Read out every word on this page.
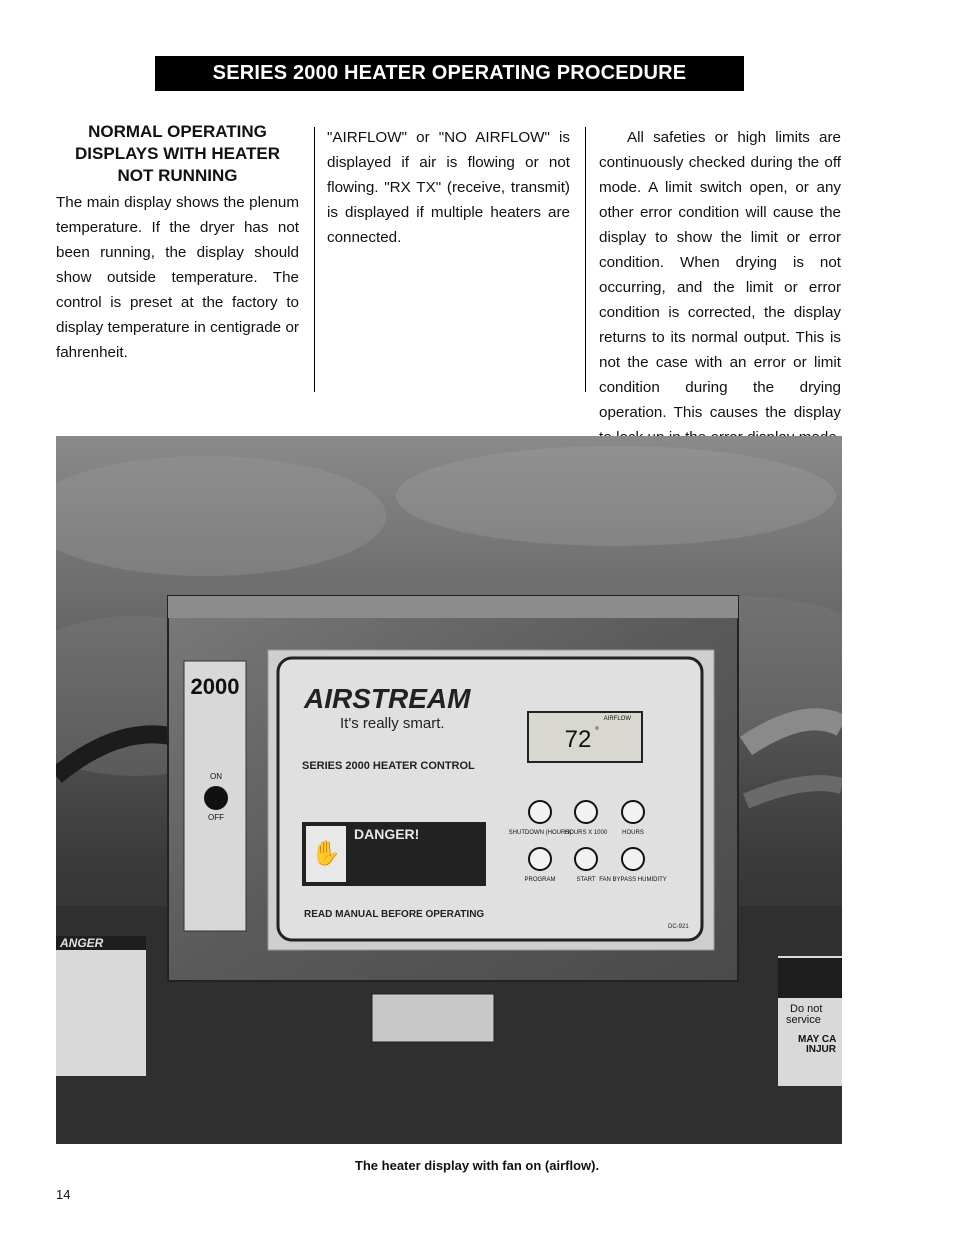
SERIES 2000 HEATER OPERATING PROCEDURE
NORMAL OPERATING
DISPLAYS WITH HEATER
NOT RUNNING

The main display shows the plenum temperature. If the dryer has not been running, the display should show outside temperature. The control is preset at the factory to display temperature in centigrade or fahrenheit.

"AIRFLOW" or "NO AIRFLOW" is displayed if air is flowing or not flowing. "RX TX" (receive, transmit) is displayed if multiple heaters are connected.

All safeties or high limits are continuously checked during the off mode. A limit switch open, or any other error condition will cause the display to show the limit or error condition. When drying is not occurring, and the limit or error condition is corrected, the display returns to its normal output. This is not the case with an error or limit condition during the drying operation. This causes the display

2000
ON
OFF
AIRSTREAM
It's really smart.
SERIES 2000 HEATER CONTROL
AIRFLOW
72 °
SHUTDOWN (HOURS)
HOURS X 1000 HOURS
PROGRAM	START FAN BYPASS HUMIDITY
✋
DANGER!
READ MANUAL BEFORE OPERATING
DC-921
ANGER
Do not
service
MAY CA
INJUR
The heater display with fan on (airflow).
14
